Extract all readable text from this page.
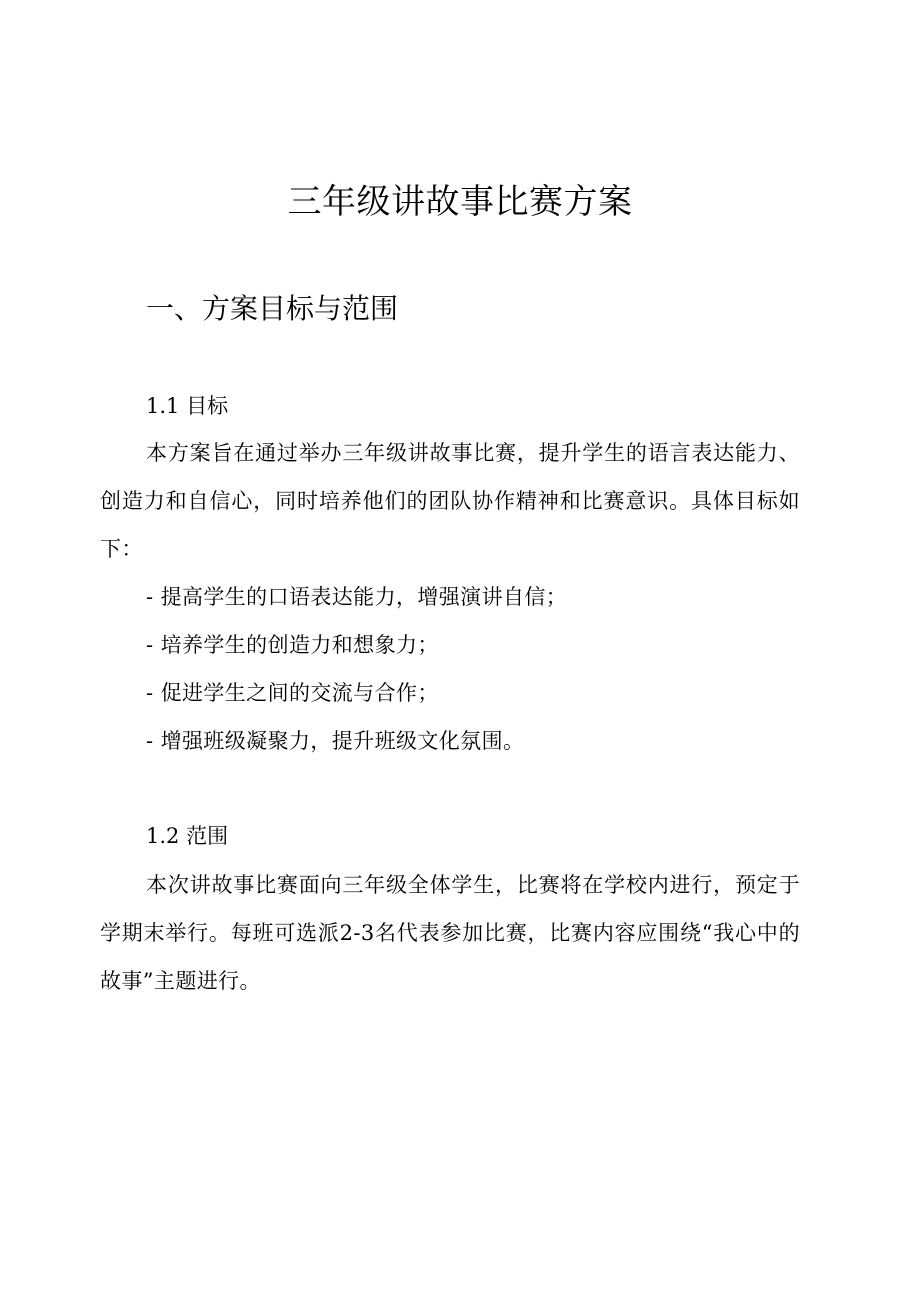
三年级讲故事比赛方案
一、方案目标与范围
1.1 目标

本方案旨在通过举办三年级讲故事比赛，提升学生的语言表达能力、创造力和自信心，同时培养他们的团队协作精神和比赛意识。具体目标如下：

- 提高学生的口语表达能力，增强演讲自信；

- 培养学生的创造力和想象力；

- 促进学生之间的交流与合作；

- 增强班级凝聚力，提升班级文化氛围。

1.2 范围

本次讲故事比赛面向三年级全体学生，比赛将在学校内进行，预定于学期末举行。每班可选派2-3名代表参加比赛，比赛内容应围绕“我心中的故事”主题进行。
